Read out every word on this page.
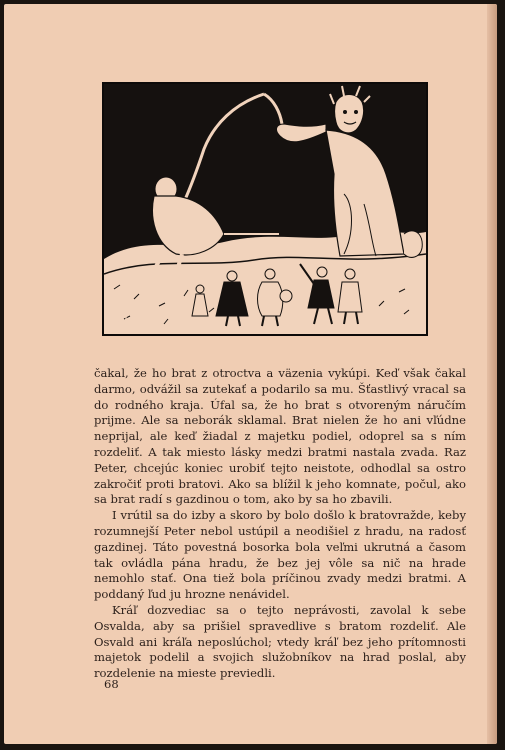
H

čakal, že ho brat z otroctva a väzenia vykúpi. Keď však čakal darmo, odvážil sa zutekať a podarilo sa mu. Šťastlivý vracal sa do rodného kraja. Úfal sa, že ho brat s otvoreným náručím prijme. Ale sa neborák sklamal. Brat nielen že ho ani vľúdne neprijal, ale keď žiadal z majetku podiel, odoprel sa s ním rozdeliť. A tak miesto lásky medzi bratmi nastala zvada. Raz Peter, chcejúc koniec urobiť tejto neistote, odhodlal sa ostro zakročiť proti bratovi. Ako sa blížil k jeho komnate, počul, ako sa brat radí s gazdinou o tom, ako by sa ho zbavili.

I vrútil sa do izby a skoro by bolo došlo k bratovražde, keby rozumnejší Peter nebol ustúpil a neodišiel z hradu, na radosť gazdinej. Táto povestná bosorka bola veľmi ukrutná a časom tak ovládla pána hradu, že bez jej vôle sa nič na hrade nemohlo stať. Ona tiež bola príčinou zvady medzi bratmi. A poddaný ľud ju hrozne nenávidel.

Kráľ dozvediac sa o tejto neprávosti, zavolal k sebe Osvalda, aby sa prišiel spravedlive s bratom rozdeliť. Ale Osvald ani kráľa neposlúchol; vtedy kráľ bez jeho prítomnosti majetok podelil a svojich služobníkov na hrad poslal, aby rozdelenie na mieste previedli.

68
